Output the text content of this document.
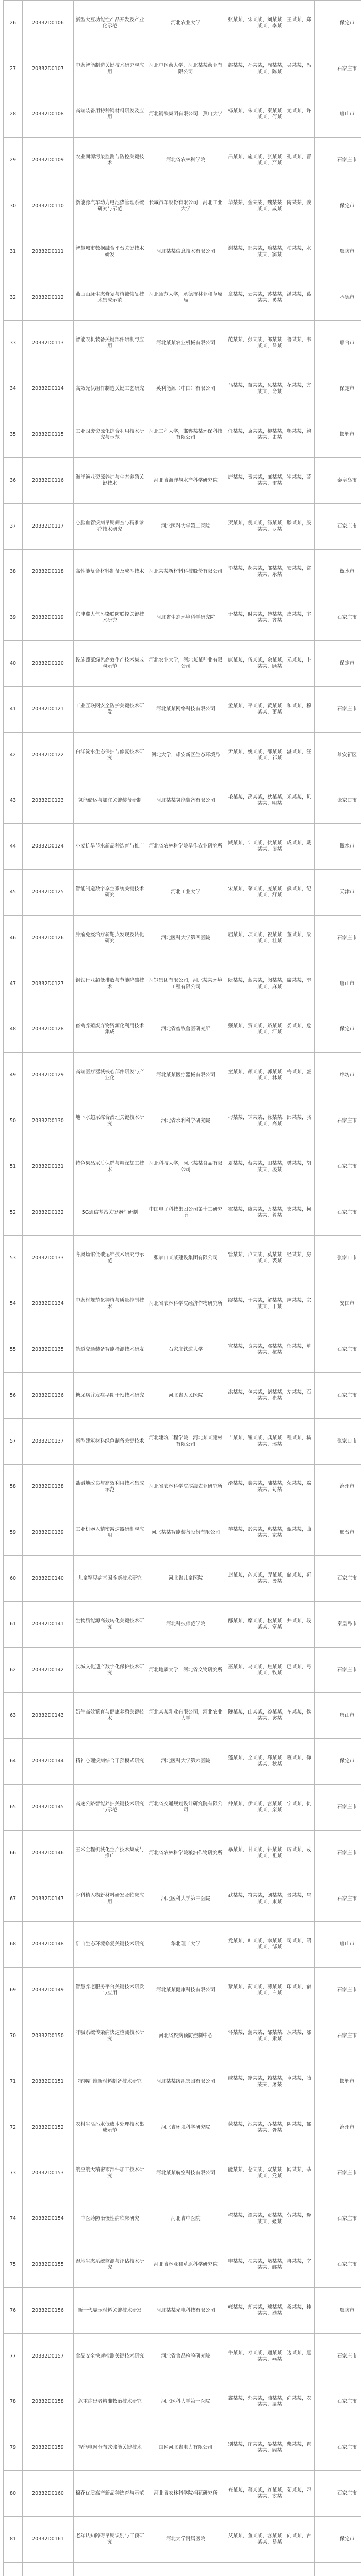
26	20332D0106	新型大豆功能性产品开发及产业化示范	河北农业大学	张某某，宋某某，刘某某，王某某，郑某某，李某	保定市
27	20332D0107	中药智能制造关键技术研究与应用	河北中医药大学，河北某某药业有限公司	赵某某，孙某某，周某某，吴某某，冯某某，陈某	石家庄市
28	20332D0108	高端装备用特种钢材料研发及应用	河北钢铁集团有限公司，燕山大学	杨某某，朱某某，秦某某，尤某某，许某某，何某	唐山市
29	20332D0109	农业面源污染监测与防控关键技术	河北省农林科学院	吕某某，施某某，张某某，孔某某，曹某某，严某	石家庄市
30	20332D0110	新能源汽车动力电池热管理系统研究与示范	长城汽车股份有限公司，河北工业大学	华某某，金某某，魏某某，陶某某，姜某某，戚某	保定市
31	20332D0111	智慧城市数据融合平台关键技术研发	河北某某信息技术有限公司	谢某某，邹某某，喻某某，柏某某，水某某，窦某	廊坊市
32	20332D0112	燕山山脉生态修复与植被恢复技术集成示范	河北师范大学，承德市林业和草原局	章某某，云某某，苏某某，潘某某，葛某某，奚某	承德市
33	20332D0113	智能农机装备关键部件研制与应用	河北某某农业机械有限公司	范某某，彭某某，郎某某，鲁某某，韦某某，昌某	邢台市
34	20332D0114	高效光伏组件制造关键工艺研究	英利能源（中国）有限公司	马某某，苗某某，凤某某，花某某，方某某，俞某	保定市
35	20332D0115	工业固废资源化综合利用技术研究与示范	河北工程大学，邯郸某某环保科技有限公司	任某某，袁某某，柳某某，酆某某，鲍某某，史某	邯郸市
36	20332D0116	海洋渔业资源养护与生态养殖关键技术	河北省海洋与水产科学研究院	唐某某，费某某，廉某某，岑某某，薛某某，雷某	秦皇岛市
37	20332D0117	心脑血管疾病早期筛查与精准诊疗技术研究	河北医科大学第二医院	贺某某，倪某某，汤某某，滕某某，殷某某，罗某	石家庄市
38	20332D0118	高性能复合材料制备及成型技术	河北某某新材料科技股份有限公司	毕某某，郝某某，邬某某，安某某，常某某，乐某	衡水市
39	20332D0119	京津冀大气污染联防联控关键技术研究	河北省生态环境科学研究院	于某某，时某某，傅某某，皮某某，卞某某，齐某	石家庄市
40	20332D0120	设施蔬菜绿色高效生产技术集成与示范	河北农业大学，河北某某种业有限公司	康某某，伍某某，余某某，元某某，卜某某，顾某	保定市
41	20332D0121	工业互联网安全防护关键技术研发	河北某某网络科技有限公司	孟某某，平某某，黄某某，和某某，穆某某，萧某	石家庄市
42	20332D0122	白洋淀水生态保护与修复技术研究	河北大学，雄安新区生态环境局	尹某某，姚某某，邵某某，湛某某，汪某某，祁某	雄安新区
43	20332D0123	氢能储运与加注关键装备研制	河北某某氢能装备有限公司	毛某某，禹某某，狄某某，米某某，贝某某，明某	张家口市
44	20332D0124	小麦抗旱节水新品种选育与推广	河北省农林科学院旱作农业研究所	臧某某，计某某，伏某某，成某某，戴某某，谈某	衡水市
45	20332D0125	智能制造数字孪生系统关键技术研究	河北工业大学	宋某某，茅某某，庞某某，熊某某，纪某某，舒某	天津市
46	20332D0126	肿瘤免疫治疗新靶点发现及转化研究	河北医科大学第四医院	屈某某，项某某，祝某某，董某某，梁某某，杜某	石家庄市
47	20332D0127	钢铁行业超低排放与节能降碳技术	河钢集团有限公司，河北某某环境工程有限公司	阮某某，蓝某某，闵某某，席某某，季某某，麻某	唐山市
48	20332D0128	畜禽养殖废弃物资源化利用技术集成	河北省畜牧兽医研究所	强某某，贾某某，路某某，娄某某，危某某，江某	保定市
49	20332D0129	高端医疗器械核心部件研发与产业化	河北某某医疗器械有限公司	童某某，颜某某，郭某某，梅某某，盛某某，林某	廊坊市
50	20332D0130	地下水超采综合治理关键技术研究	河北省水利科学研究院	刁某某，钟某某，徐某某，邱某某，骆某某，高某	石家庄市
51	20332D0131	特色果品采后保鲜与精深加工技术	河北科技大学，河北某某食品有限公司	夏某某，蔡某某，田某某，樊某某，胡某某，凌某	石家庄市
52	20332D0132	5G通信基站关键器件研制	中国电子科技集团公司第十三研究所	霍某某，虞某某，万某某，支某某，柯某某，昝某	石家庄市
53	20332D0133	冬奥场馆低碳运维技术研究与示范	张家口某某建设集团有限公司	管某某，卢某某，莫某某，经某某，房某某，裘某	张家口市
54	20332D0134	中药材规范化种植与质量控制技术	河北省农林科学院经济作物研究所	缪某某，干某某，解某某，应某某，宗某某，丁某	安国市
55	20332D0135	轨道交通装备智能检测技术研发	石家庄铁道大学	宣某某，贲某某，邓某某，郁某某，单某某，杭某	石家庄市
56	20332D0136	糖尿病并发症早期干预技术研究	河北省人民医院	洪某某，包某某，诸某某，左某某，石某某，崔某	石家庄市
57	20332D0137	新型建筑材料绿色制备关键技术	河北建筑工程学院，河北某某建材有限公司	吉某某，钮某某，龚某某，程某某，嵇某某，邢某	张家口市
58	20332D0138	盐碱地改良与高效利用技术集成示范	河北省农林科学院滨海农业研究所	滑某某，裴某某，陆某某，荣某某，翁某某，荀某	沧州市
59	20332D0139	工业机器人精密减速器研制与应用	河北某某智能装备股份有限公司	羊某某，於某某，惠某某，甄某某，曲某某，家某	邢台市
60	20332D0140	儿童罕见病基因诊断技术研究	河北省儿童医院	封某某，芮某某，羿某某，储某某，靳某某，汲某	石家庄市
61	20332D0141	生物质能源高效转化关键技术研究	河北科技师范学院	邴某某，糜某某，松某某，井某某，段某某，富某	秦皇岛市
62	20332D0142	长城文化遗产数字化保护技术研究	河北地质大学，河北省文物研究所	巫某某，乌某某，焦某某，巴某某，弓某某，牧某	石家庄市
63	20332D0143	奶牛高效繁育与健康养殖关键技术	河北某某乳业有限公司，河北农业大学	隗某某，山某某，谷某某，车某某，侯某某，宓某	唐山市
64	20332D0144	精神心理疾病综合干预模式研究	河北医科大学第六医院	蓬某某，全某某，郗某某，班某某，仰某某，秋某	保定市
65	20332D0145	高速公路智能养护关键技术研究与示范	河北省交通规划设计研究院有限公司	仲某某，伊某某，宫某某，宁某某，仇某某，栾某	石家庄市
66	20332D0146	玉米全程机械化生产技术集成与推广	河北省农林科学院粮油作物研究所	暴某某，甘某某，钭某某，厉某某，戎某某，祖某	石家庄市
67	20332D0147	骨科植入物新材料研发及临床应用	河北医科大学第三医院	武某某，符某某，刘某某，景某某，詹某某，束某	石家庄市
68	20332D0148	矿山生态环境修复关键技术研究	华北理工大学	龙某某，叶某某，幸某某，司某某，韶某某，郜某	唐山市
69	20332D0149	智慧养老服务平台关键技术研发与应用	河北某某健康科技有限公司	黎某某，蓟某某，薄某某，印某某，宿某某，白某	石家庄市
70	20332D0150	呼吸系统传染病快速检测技术研究	河北省疾病预防控制中心	怀某某，蒲某某，邰某某，从某某，鄂某某，索某	石家庄市
71	20332D0151	特种纤维新材料制备技术研究	河北某某纺织集团有限公司	咸某某，籍某某，赖某某，卓某某，蔺某某，屠某	邯郸市
72	20332D0152	农村生活污水低成本处理技术集成示范	河北省环境科学研究院	蒙某某，池某某，乔某某，阴某某，郁某某，胥某	沧州市
73	20332D0153	航空航天精密零部件加工技术研究	河北某某航空科技有限公司	能某某，苍某某，双某某，闻某某，莘某某，党某	石家庄市
74	20332D0154	中医药防治慢性病临床研究	河北省中医院	翟某某，谭某某，贡某某，劳某某，逄某某，姬某	石家庄市
75	20332D0155	湿地生态系统监测与评估技术研究	河北省林业和草原科学研究院	申某某，扶某某，堵某某，冉某某，宰某某，郦某	石家庄市
76	20332D0156	新一代显示材料关键技术研发	河北某某光电科技有限公司	雍某某，却某某，璩某某，桑某某，桂某某，濮某	廊坊市
77	20332D0157	食品安全快速检测关键技术研究	河北省食品检验研究院	牛某某，寿某某，通某某，边某某，扈某某，燕某	石家庄市
78	20332D0158	危重症患者精准救治技术研究	河北医科大学第一医院	冀某某，郏某某，浦某某，尚某某，农某某，温某	石家庄市
79	20332D0159	智能电网分布式储能关键技术	国网河北省电力有限公司	别某某，庄某某，晏某某，柴某某，瞿某某，阎某	石家庄市
80	20332D0160	棉花优质高产新品种选育与示范	河北省农林科学院棉花研究所	充某某，慕某某，连某某，茹某某，习某某，宦某	石家庄市
81	20332D0161	老年认知障碍早期识别与干预研究	河北大学附属医院	艾某某，鱼某某，容某某，向某某，古某某，易某	保定市
